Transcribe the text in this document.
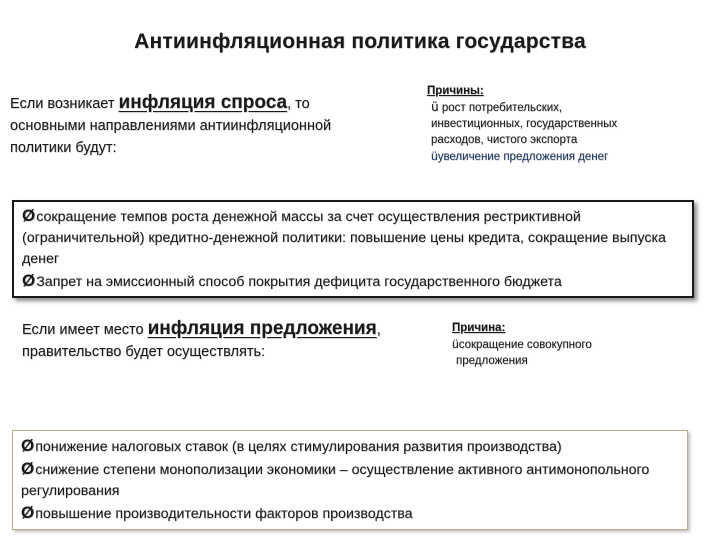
Антиинфляционная политика государства
Если возникает инфляция спроса, то
основными направлениями антиинфляционной
политики будут:
Причины:
ü рост потребительских,
инвестиционных, государственных
расходов, чистого экспорта
üувеличение предложения денег
Øсокращение темпов роста денежной массы за счет осуществления рестриктивной (ограничительной) кредитно-денежной политики: повышение цены кредита, сокращение выпуска денег
ØЗапрет на эмиссионный способ покрытия дефицита государственного бюджета
Если имеет место инфляция предложения,
правительство будет осуществлять:
Причина:
üсокращение совокупного
предложения
Øпонижение налоговых ставок (в целях стимулирования развития производства)
Øснижение степени монополизации экономики – осуществление активного антимонопольного регулирования
Øповышение производительности факторов производства
